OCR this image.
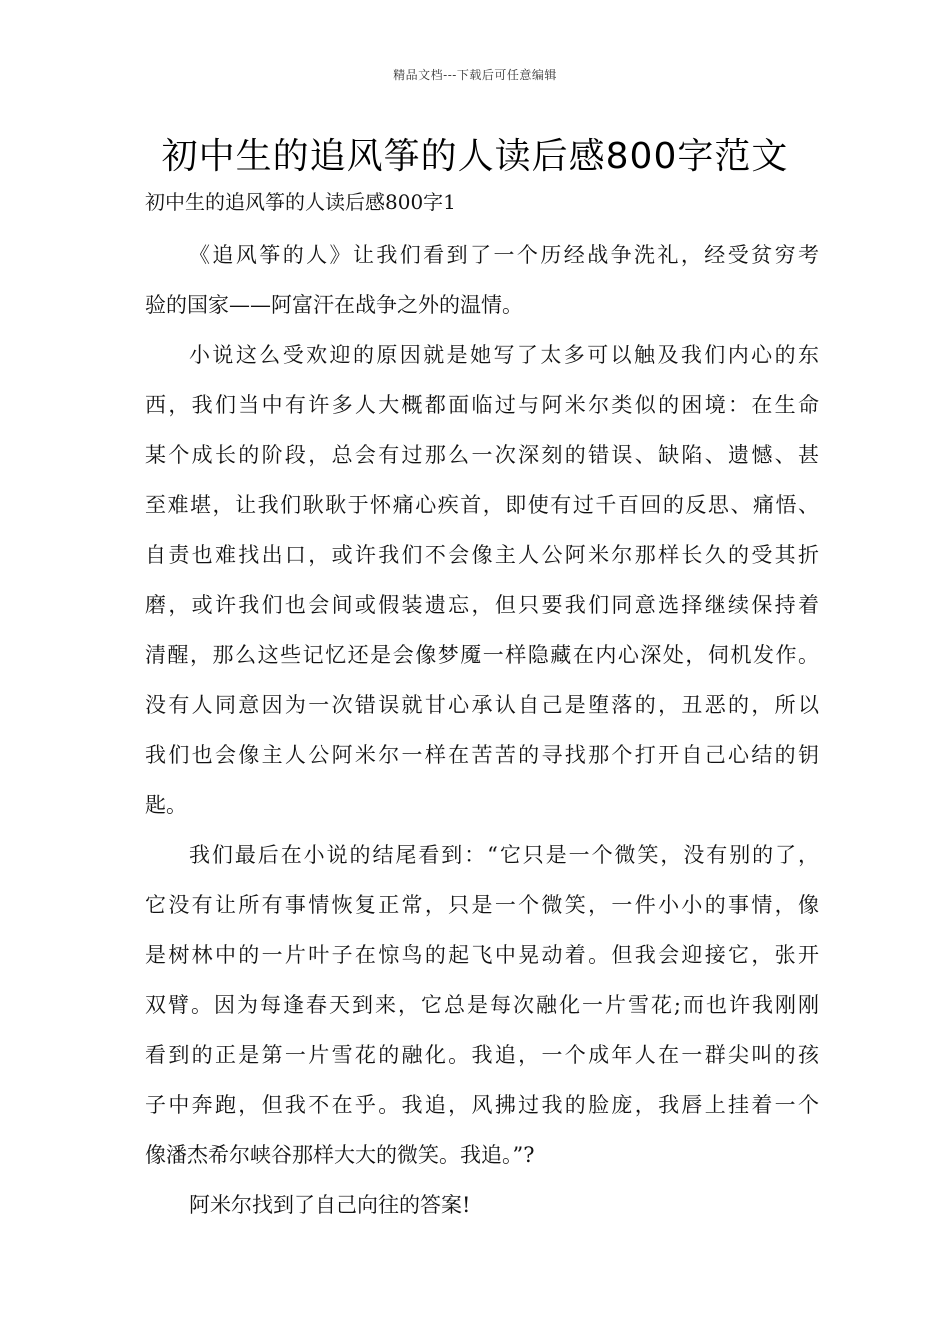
精品文档---下载后可任意编辑
初中生的追风筝的人读后感800字范文
初中生的追风筝的人读后感800字1
《追风筝的人》让我们看到了一个历经战争洗礼，经受贫穷考
验的国家——阿富汗在战争之外的温情。
小说这么受欢迎的原因就是她写了太多可以触及我们内心的东
西，我们当中有许多人大概都面临过与阿米尔类似的困境：在生命
某个成长的阶段，总会有过那么一次深刻的错误、缺陷、遗憾、甚
至难堪，让我们耿耿于怀痛心疾首，即使有过千百回的反思、痛悟、
自责也难找出口，或许我们不会像主人公阿米尔那样长久的受其折
磨，或许我们也会间或假装遗忘，但只要我们同意选择继续保持着
清醒，那么这些记忆还是会像梦魇一样隐藏在内心深处，伺机发作。
没有人同意因为一次错误就甘心承认自己是堕落的，丑恶的，所以
我们也会像主人公阿米尔一样在苦苦的寻找那个打开自己心结的钥
匙。
我们最后在小说的结尾看到：“它只是一个微笑，没有别的了，
它没有让所有事情恢复正常，只是一个微笑，一件小小的事情，像
是树林中的一片叶子在惊鸟的起飞中晃动着。但我会迎接它，张开
双臂。因为每逢春天到来，它总是每次融化一片雪花;而也许我刚刚
看到的正是第一片雪花的融化。我追，一个成年人在一群尖叫的孩
子中奔跑，但我不在乎。我追，风拂过我的脸庞，我唇上挂着一个
像潘杰希尔峡谷那样大大的微笑。我追。”?
阿米尔找到了自己向往的答案!
